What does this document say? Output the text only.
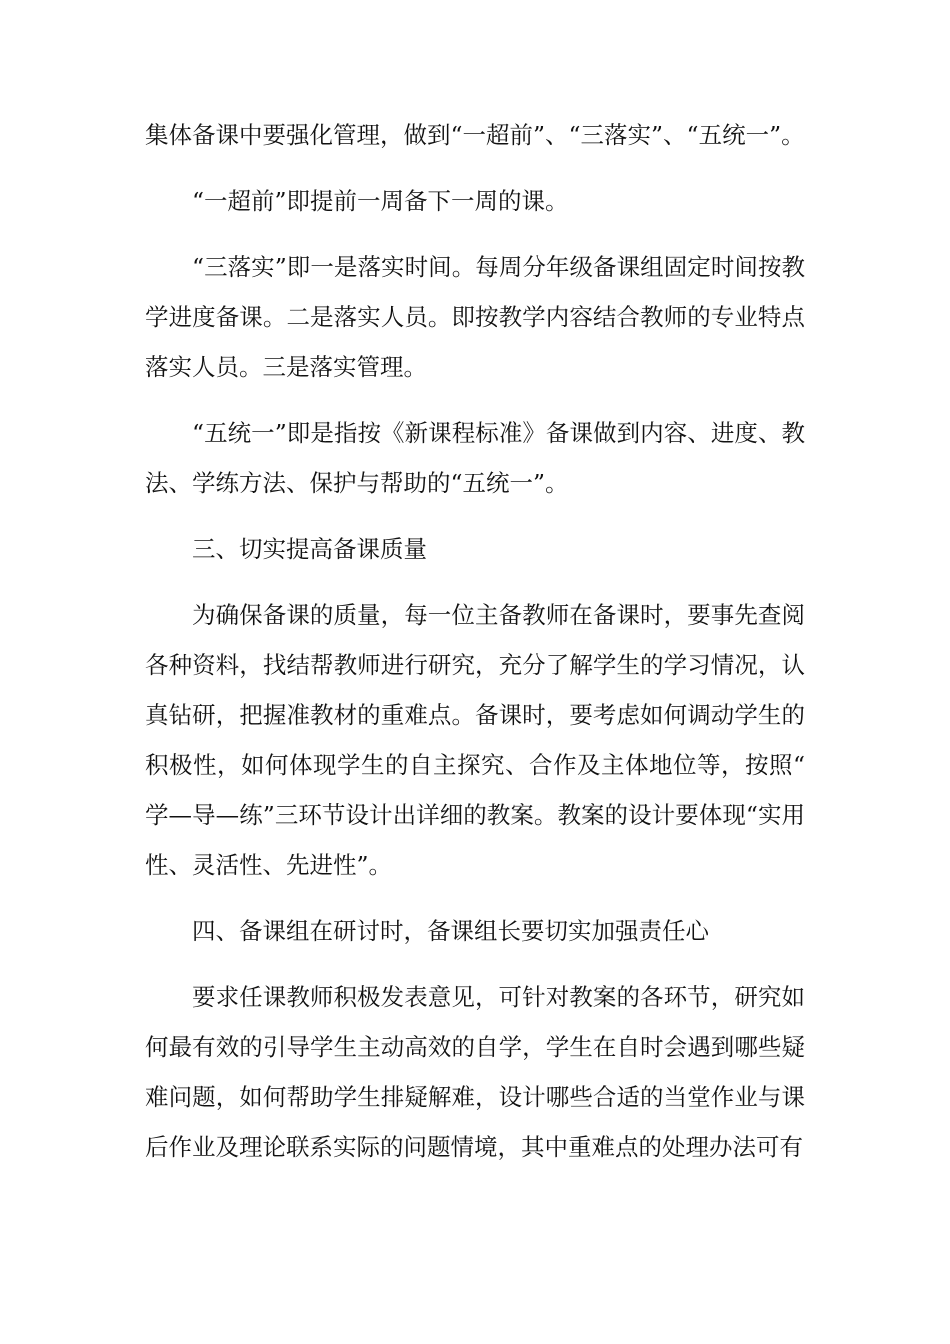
集体备课中要强化管理，做到“一超前”、“三落实”、“五统一”。

“一超前”即提前一周备下一周的课。

“三落实”即一是落实时间。每周分年级备课组固定时间按教学进度备课。二是落实人员。即按教学内容结合教师的专业特点落实人员。三是落实管理。

“五统一”即是指按《新课程标准》备课做到内容、进度、教法、学练方法、保护与帮助的“五统一”。

三、切实提高备课质量

为确保备课的质量，每一位主备教师在备课时，要事先查阅各种资料，找结帮教师进行研究，充分了解学生的学习情况，认真钻研，把握准教材的重难点。备课时，要考虑如何调动学生的积极性，如何体现学生的自主探究、合作及主体地位等，按照“学—导—练”三环节设计出详细的教案。教案的设计要体现“实用性、灵活性、先进性”。

四、备课组在研讨时，备课组长要切实加强责任心

要求任课教师积极发表意见，可针对教案的各环节，研究如何最有效的引导学生主动高效的自学，学生在自时会遇到哪些疑难问题，如何帮助学生排疑解难，设计哪些合适的当堂作业与课后作业及理论联系实际的问题情境，其中重难点的处理办法可有
